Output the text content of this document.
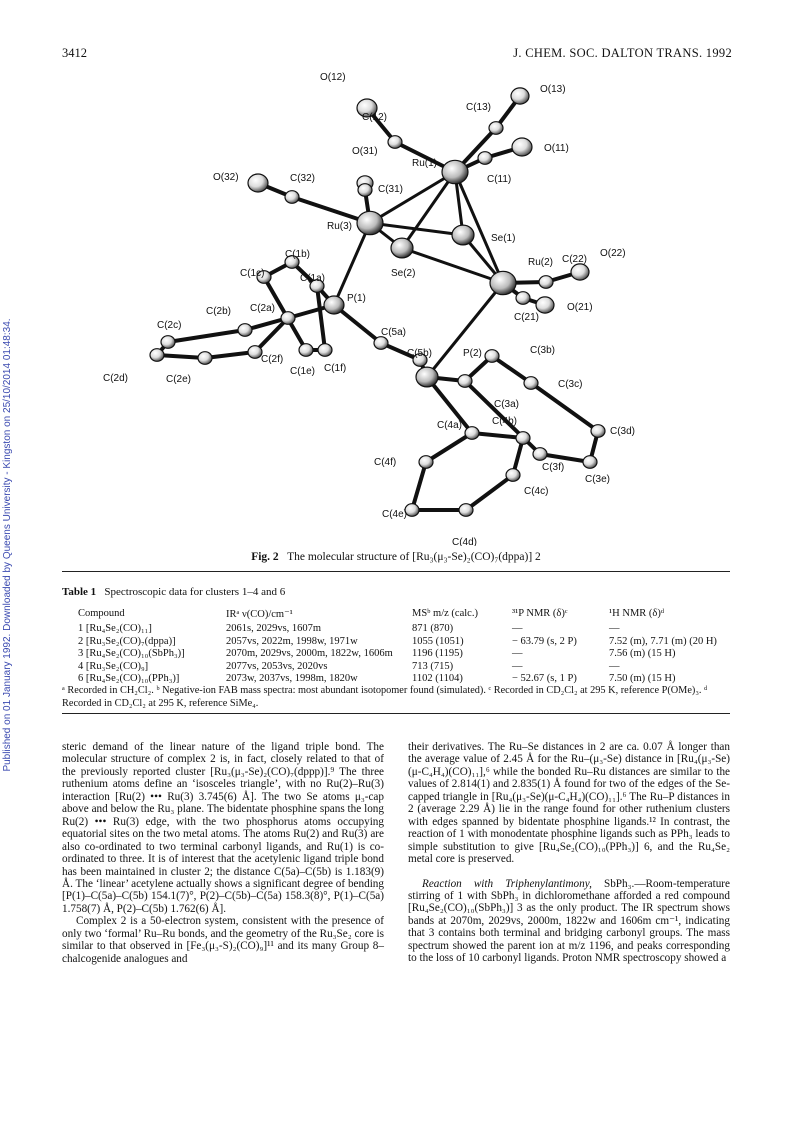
3412	J. CHEM. SOC. DALTON TRANS. 1992
Published on 01 January 1992. Downloaded by Queens University - Kingston on 25/10/2014 01:48:34.
O(12)
O(13)
C(12)
C(13)
O(11)
O(31)
Ru(1)
C(11)
O(32)	C(32)
C(31)
Ru(3)
Se(1)
Se(2)
Ru(2) C(22)
O(22)
C(1b)
C(1c)	C(1a)
P(1)
C(2b) C(2a)
C(21)
O(21)
C(2c)
C(5a)
C(2f)
C(1f)
C(1e)
C(5b)	P(2)	C(3b)
C(2d)	C(2e)	C(3c)
C(3a)
C(4a)	C(4b)
C(3d)
C(4f)	C(3f)
C(3e)
C(4c)
C(4e)
C(4d)
Fig. 2 The molecular structure of [Ru₃(μ₃-Se)₂(CO)₇(dppa)] 2
Table 1 Spectroscopic data for clusters 1–4 and 6
Compound	IRᵃ ν(CO)/cm⁻¹	MSᵇ m/z (calc.)	³¹P NMR (δ)ᶜ	¹H NMR (δ)ᵈ
1 [Ru₄Se₂(CO)₁₁]	2061s, 2029vs, 1607m	871 (870)	—	—
2 [Ru₃Se₂(CO)₇(dppa)]	2057vs, 2022m, 1998w, 1971w	1055 (1051)	− 63.79 (s, 2 P)	7.52 (m), 7.71 (m) (20 H)
3 [Ru₄Se₂(CO)₁₀(SbPh₃)]	2070m, 2029vs, 2000m, 1822w, 1606m	1196 (1195)	—	7.56 (m) (15 H)
4 [Ru₃Se₂(CO)₉]	2077vs, 2053vs, 2020vs	713 (715)	—	—
6 [Ru₄Se₂(CO)₁₀(PPh₃)]	2073w, 2037vs, 1998m, 1820w	1102 (1104)	− 52.67 (s, 1 P)	7.50 (m) (15 H)
ᵃ Recorded in CH₂Cl₂. ᵇ Negative-ion FAB mass spectra: most abundant isotopomer found (simulated). ᶜ Recorded in CD₂Cl₂ at 295 K, reference P(OMe)₃. ᵈ Recorded in CD₂Cl₂ at 295 K, reference SiMe₄.

steric demand of the linear nature of the ligand triple bond. The molecular structure of complex 2 is, in fact, closely related to that of the previously reported cluster [Ru₃(μ₃-Se)₂(CO)₇(dppp)].⁹ The three ruthenium atoms define an ‘isosceles triangle’, with no Ru(2)–Ru(3) interaction [Ru(2) ••• Ru(3) 3.745(6) Å]. The two Se atoms μ₃-cap above and below the Ru₃ plane. The bidentate phosphine spans the long Ru(2) ••• Ru(3) edge, with the two phosphorus atoms occupying equatorial sites on the two metal atoms. The atoms Ru(2) and Ru(3) are also co-ordinated to two terminal carbonyl ligands, and Ru(1) is co-ordinated to three. It is of interest that the acetylenic ligand triple bond has been maintained in cluster 2; the distance C(5a)–C(5b) is 1.183(9) Å. The ‘linear’ acetylene actually shows a significant degree of bending [P(1)–C(5a)–C(5b) 154.1(7)°, P(2)–C(5b)–C(5a) 158.3(8)°, P(1)–C(5a) 1.758(7) Å, P(2)–C(5b) 1.762(6) Å].

Complex 2 is a 50-electron system, consistent with the presence of only two ‘formal’ Ru–Ru bonds, and the geometry of the Ru₃Se₂ core is similar to that observed in [Fe₃(μ₃-S)₂(CO)₉]¹¹ and its many Group 8–chalcogenide analogues and

their derivatives. The Ru–Se distances in 2 are ca. 0.07 Å longer than the average value of 2.45 Å for the Ru–(μ₃-Se) distance in [Ru₄(μ₃-Se)(μ-C₄H₄)(CO)₁₁],⁶ while the bonded Ru–Ru distances are similar to the values of 2.814(1) and 2.835(1) Å found for two of the edges of the Se-capped triangle in [Ru₄(μ₃-Se)(μ-C₄H₄)(CO)₁₁].⁶ The Ru–P distances in 2 (average 2.29 Å) lie in the range found for other ruthenium clusters with edges spanned by bidentate phosphine ligands.¹² In contrast, the reaction of 1 with monodentate phosphine ligands such as PPh₃ leads to simple substitution to give [Ru₄Se₂(CO)₁₀(PPh₃)] 6, and the Ru₄Se₂ metal core is preserved.

Reaction with Triphenylantimony, SbPh₃.—Room-temperature stirring of 1 with SbPh₃ in dichloromethane afforded a red compound [Ru₄Se₂(CO)₁₀(SbPh₃)] 3 as the only product. The IR spectrum shows bands at 2070m, 2029vs, 2000m, 1822w and 1606m cm⁻¹, indicating that 3 contains both terminal and bridging carbonyl groups. The mass spectrum showed the parent ion at m/z 1196, and peaks corresponding to the loss of 10 carbonyl ligands. Proton NMR spectroscopy showed a
